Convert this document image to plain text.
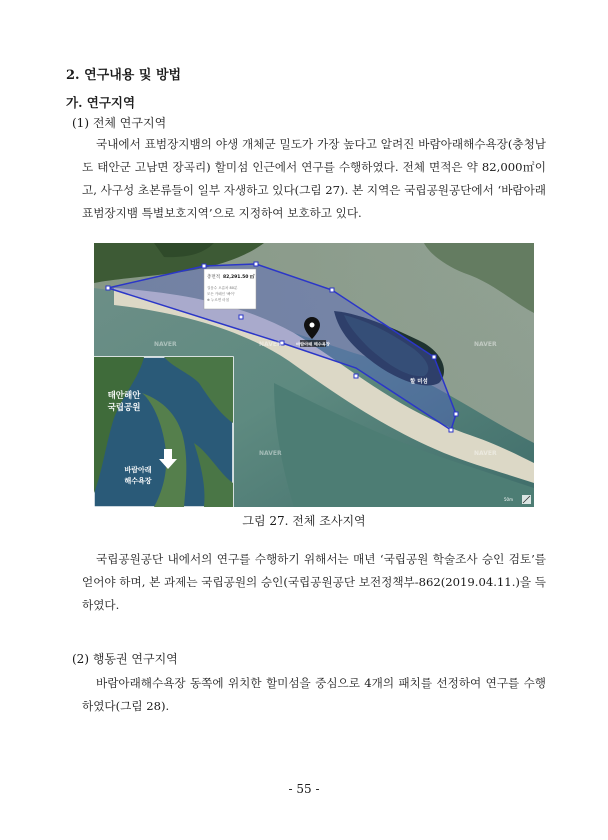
2. 연구내용 및 방법
가. 연구지역
(1) 전체 연구지역

국내에서 표범장지뱀의 야생 개체군 밀도가 가장 높다고 알려진 바람아래해수욕장(충청남도 태안군 고남면 장곡리) 할미섬 인근에서 연구를 수행하였다. 전체 면적은 약 82,000㎡이고, 사구성 초본류들이 일부 자생하고 있다(그림 27). 본 지역은 국립공원공단에서 ‘바람아래 표범장지뱀 특별보호지역’으로 지정하여 보호하고 있다.

총면적 82,291.50 ㎡
걸음수 오름차 80분
모든 카페인 '빠이'
⊕ 누르면 마침
바람아래 해수욕장
할 미섬
NAVER	NAVER	NAVER
NAVER	NAVER
태안해안
국립공원
바람아래
해수욕장
50m
그림 27. 전체 조사지역

국립공원공단 내에서의 연구를 수행하기 위해서는 매년 ‘국립공원 학술조사 승인 검토’를 얻어야 하며, 본 과제는 국립공원의 승인(국립공원공단 보전정책부-862(2019.04.11.)을 득하였다.

(2) 행동권 연구지역

바람아래해수욕장 동쪽에 위치한 할미섬을 중심으로 4개의 패치를 선정하여 연구를 수행하였다(그림 28).

- 55 -
